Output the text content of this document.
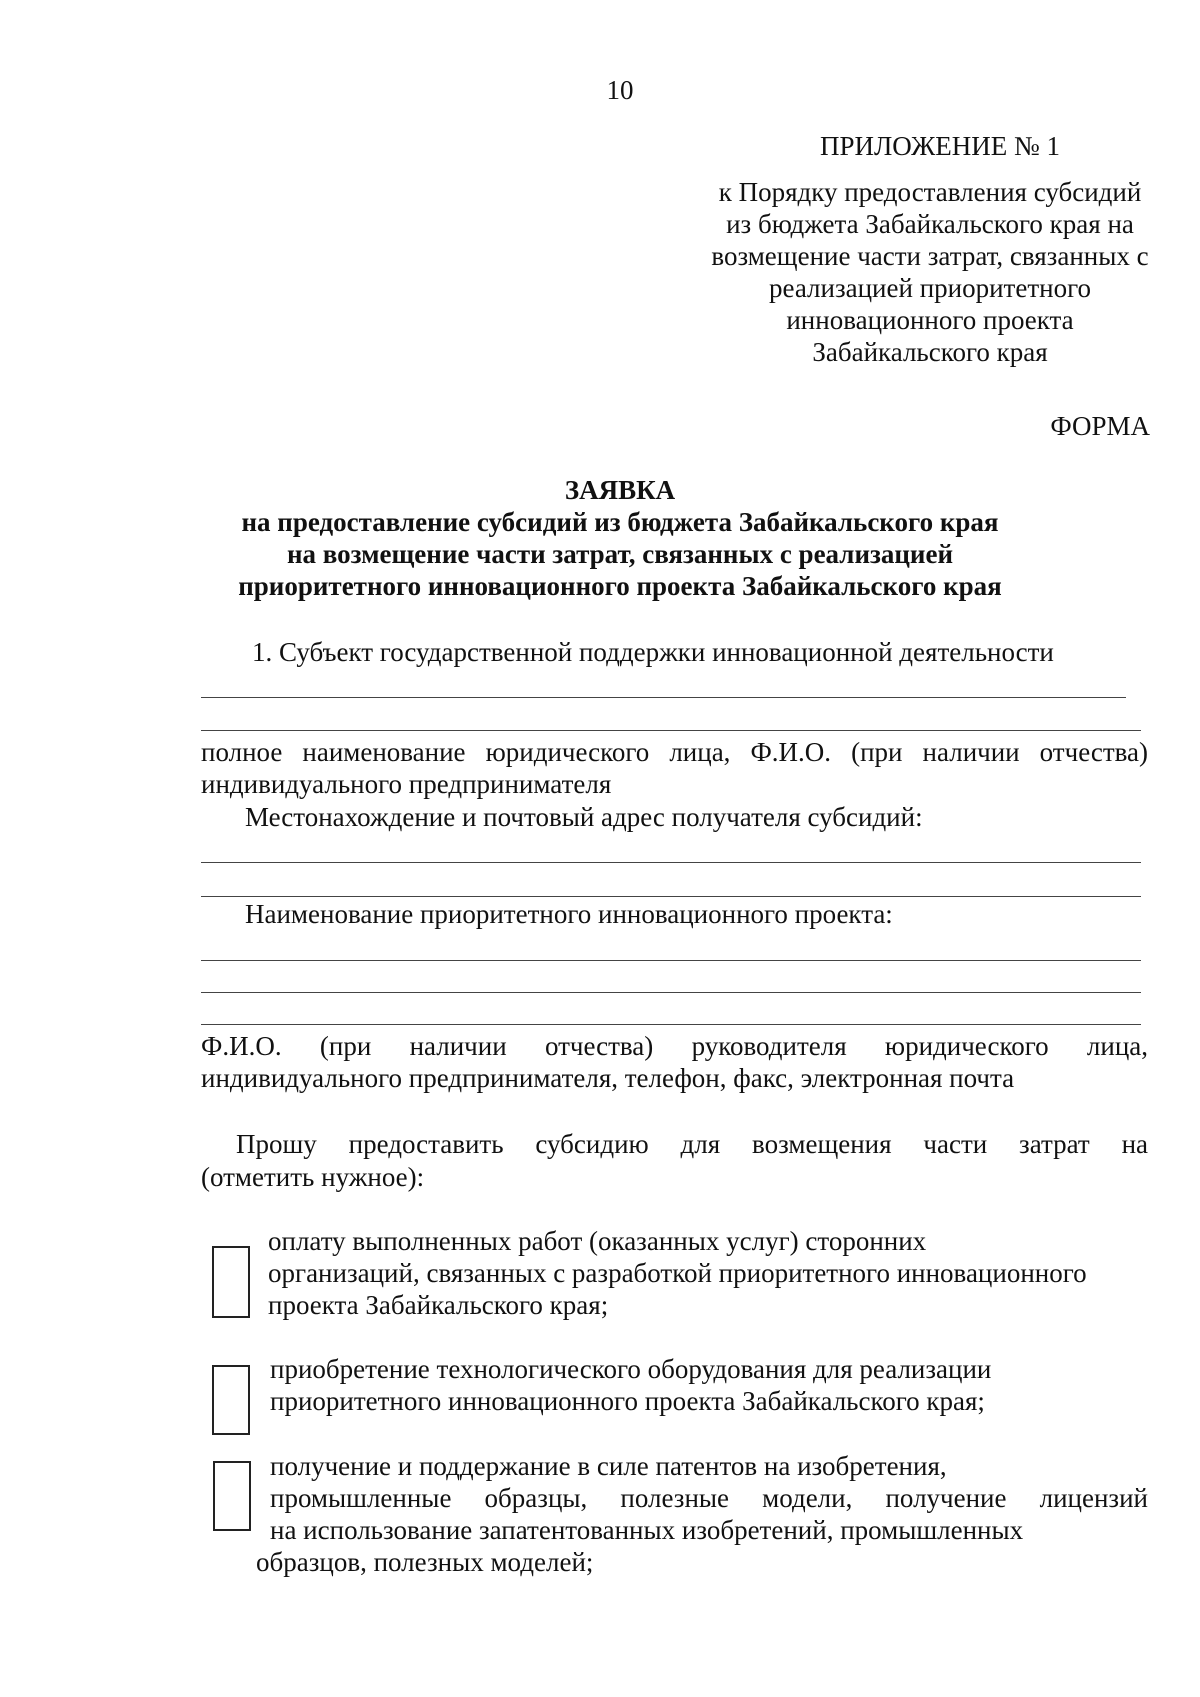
10
ПРИЛОЖЕНИЕ № 1
к Порядку предоставления субсидий
из бюджета Забайкальского края на
возмещение части затрат, связанных с
реализацией приоритетного
инновационного проекта
Забайкальского края
ФОРМА
ЗАЯВКА
на предоставление субсидий из бюджета Забайкальского края
на возмещение части затрат, связанных с реализацией
приоритетного инновационного проекта Забайкальского края
1. Субъект государственной поддержки инновационной деятельности
полное наименование юридического лица, Ф.И.О. (при наличии отчества)
индивидуального предпринимателя
Местонахождение и почтовый адрес получателя субсидий:
Наименование приоритетного инновационного проекта:
Ф.И.О. (при наличии отчества) руководителя юридического лица,
индивидуального предпринимателя, телефон, факс, электронная почта
Прошу предоставить субсидию для возмещения части затрат на
(отметить нужное):
оплату выполненных работ (оказанных услуг) сторонних
организаций, связанных с разработкой приоритетного инновационного
проекта Забайкальского края;
приобретение технологического оборудования для реализации
приоритетного инновационного проекта Забайкальского края;
получение и поддержание в силе патентов на изобретения,
промышленные образцы, полезные модели, получение лицензий
на использование запатентованных изобретений, промышленных
образцов, полезных моделей;
